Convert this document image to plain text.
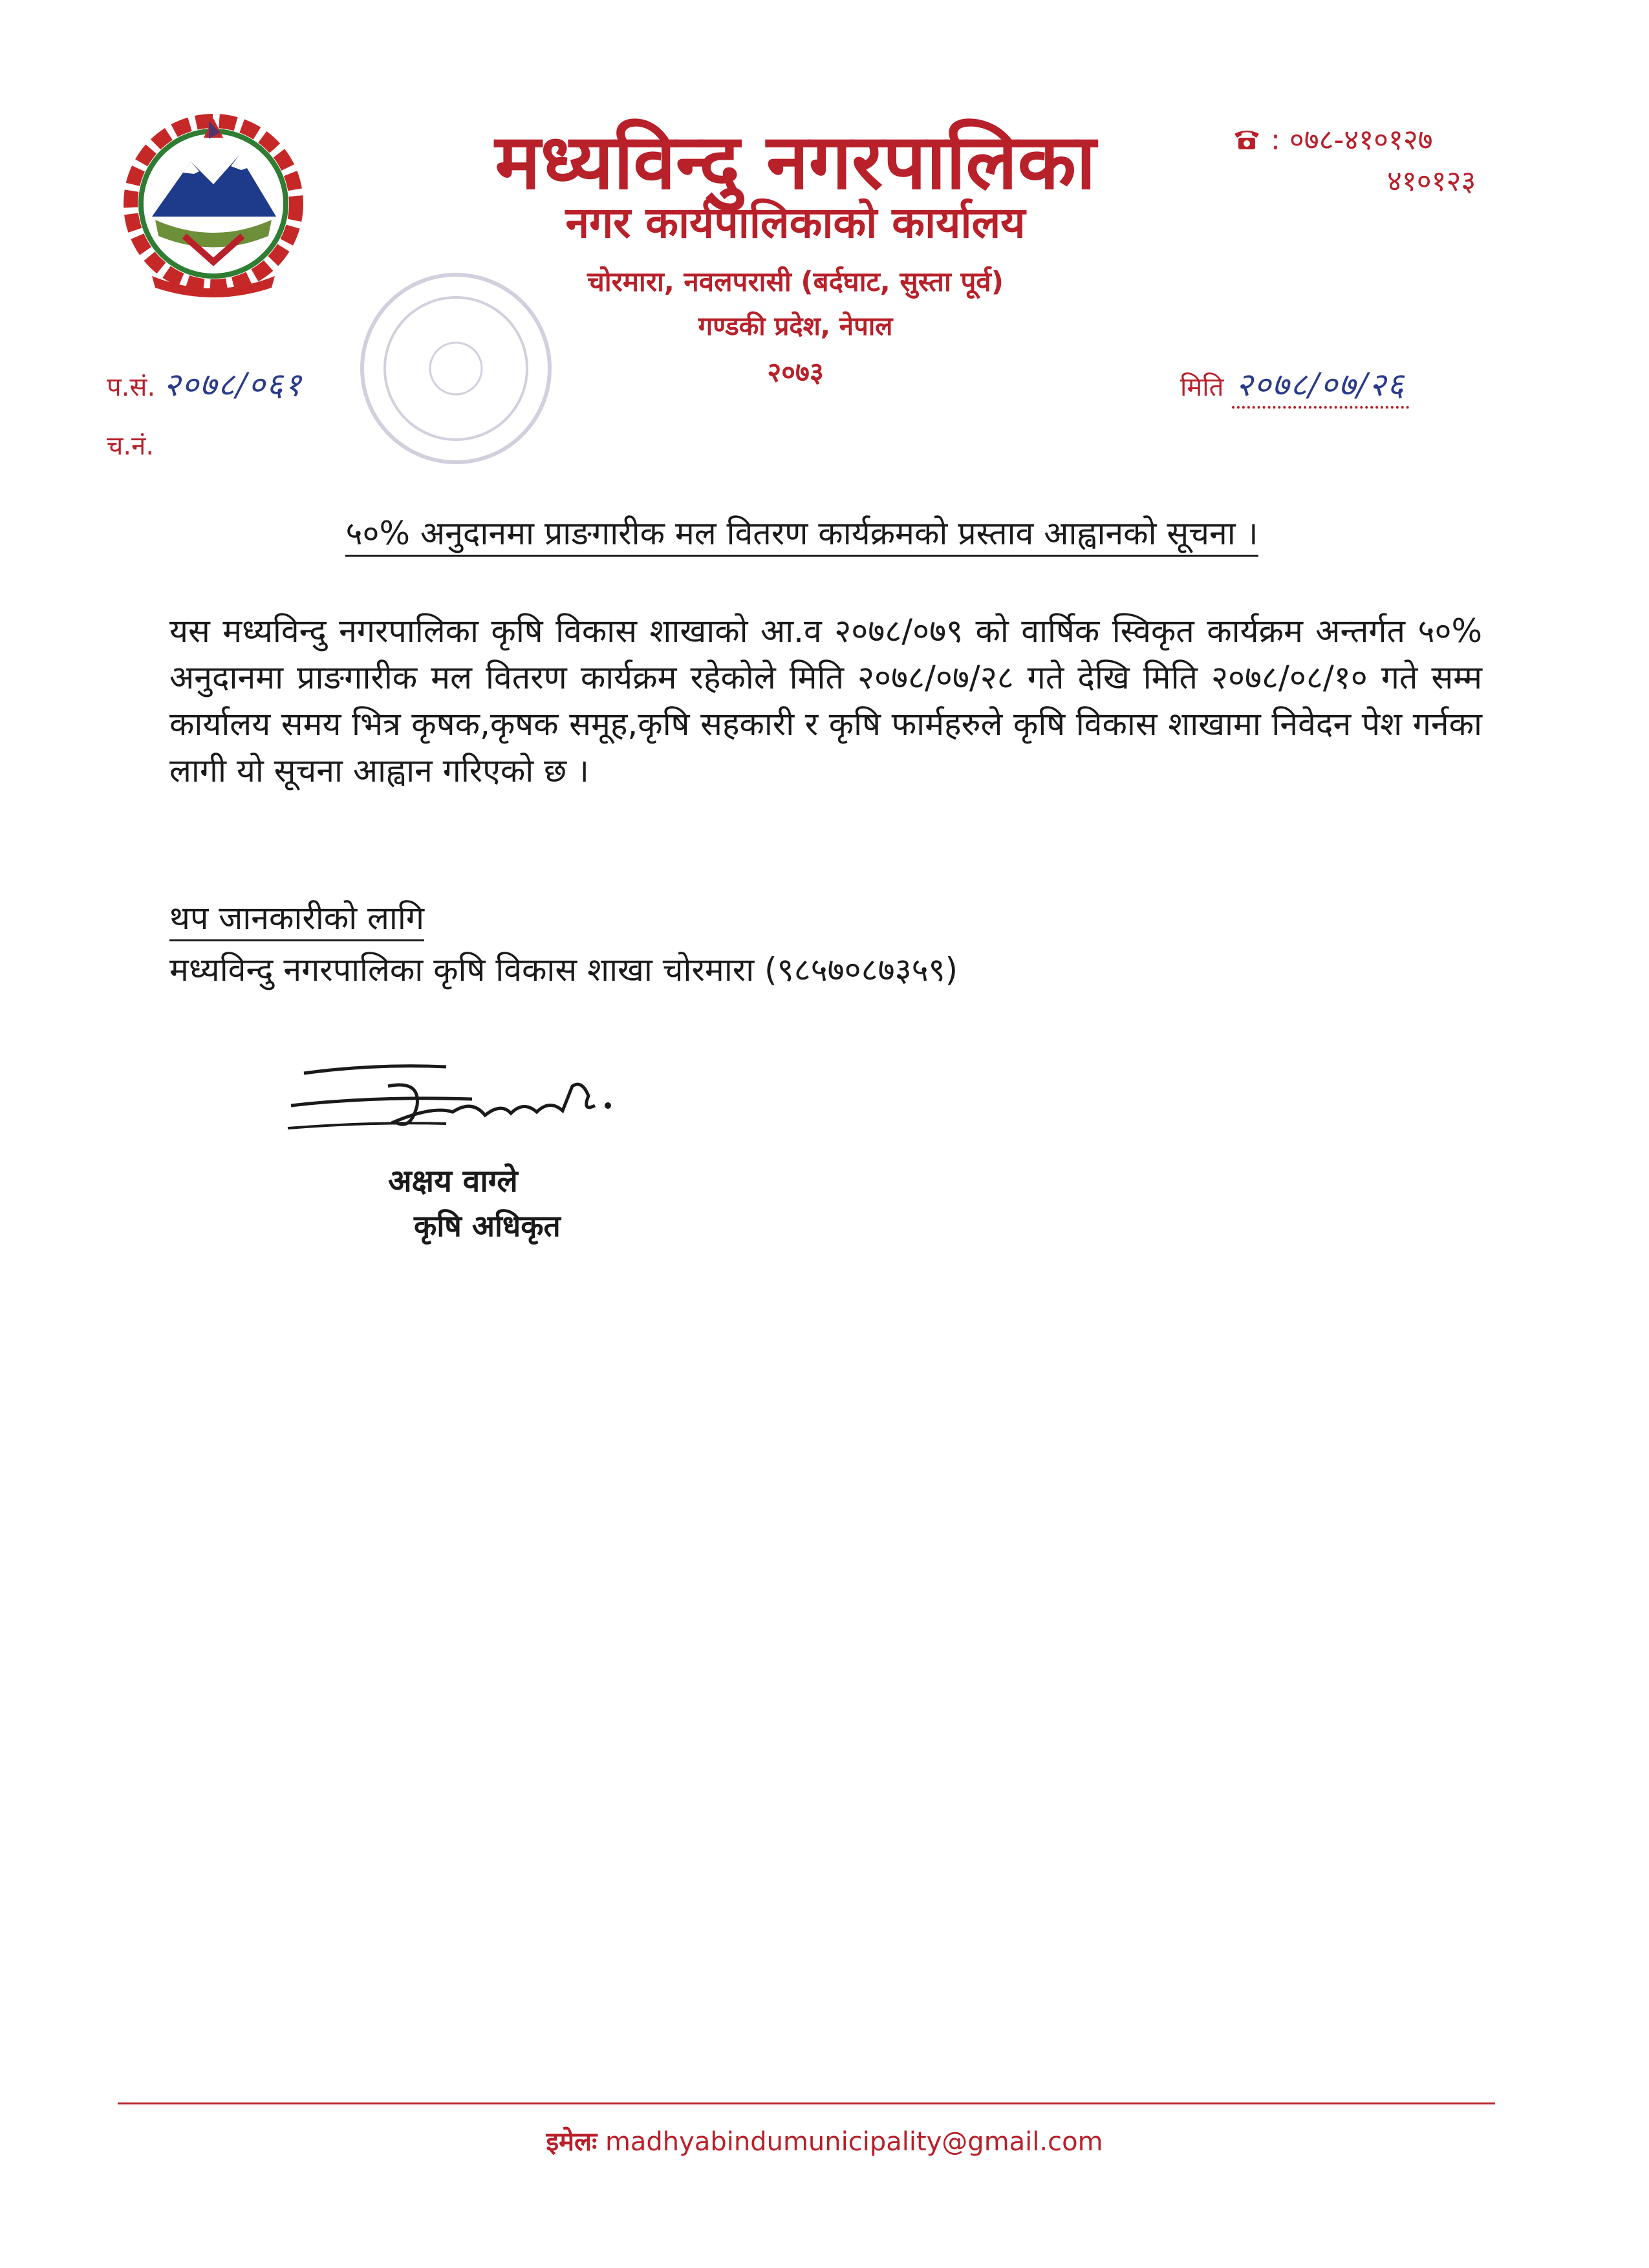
मध्यविन्दु नगरपालिका
नगर कार्यपालिकाको कार्यालय
चोरमारा, नवलपरासी (बर्दघाट, सुस्ता पूर्व)
गण्डकी प्रदेश, नेपाल
२०७३
: ०७८-४१०१२७
४१०१२३
प.सं. २०७८/०६१
च.नं.
मिति २०७८/०७/२६
५०% अनुदानमा प्राङगारीक मल वितरण कार्यक्रमको प्रस्ताव आह्वानको सूचना ।
यस मध्यविन्दु नगरपालिका कृषि विकास शाखाको आ.व २०७८/०७९ को वार्षिक स्विकृत कार्यक्रम अन्तर्गत ५०% अनुदानमा प्राङगारीक मल वितरण कार्यक्रम रहेकोले मिति २०७८/०७/२८ गते देखि मिति २०७८/०८/१० गते सम्म कार्यालय समय भित्र कृषक,कृषक समूह,कृषि सहकारी र कृषि फार्महरुले कृषि विकास शाखामा निवेदन पेश गर्नका लागी यो सूचना आह्वान गरिएको छ ।
थप जानकारीको लागि
मध्यविन्दु नगरपालिका कृषि विकास शाखा चोरमारा (९८५७०८७३५९)
अक्षय वाग्ले
कृषि अधिकृत
इमेलः madhyabindumunicipality@gmail.com
